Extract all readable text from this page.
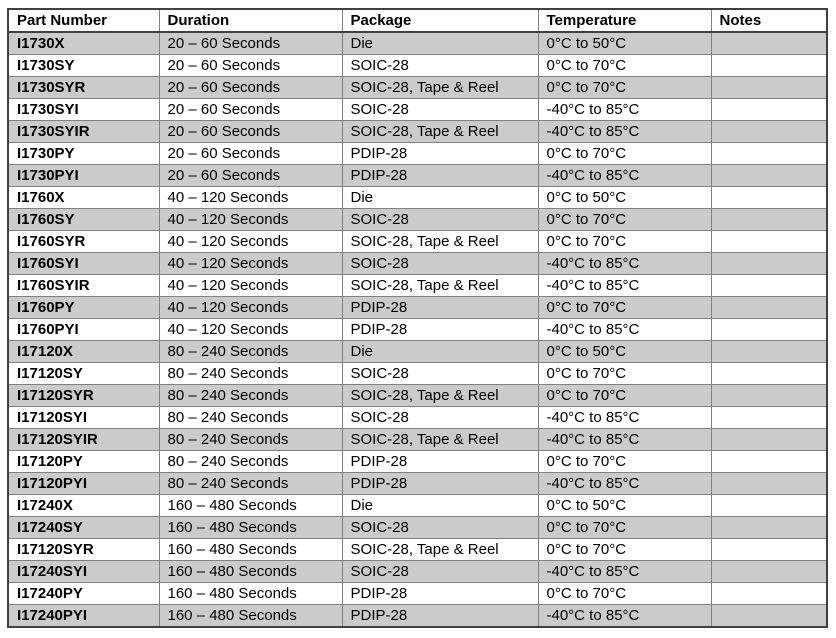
Part Number	Duration	Package	Temperature	Notes
I1730X	20 – 60 Seconds	Die	0°C to 50°C	
I1730SY	20 – 60 Seconds	SOIC-28	0°C to 70°C	
I1730SYR	20 – 60 Seconds	SOIC-28, Tape & Reel	0°C to 70°C	
I1730SYI	20 – 60 Seconds	SOIC-28	-40°C to 85°C	
I1730SYIR	20 – 60 Seconds	SOIC-28, Tape & Reel	-40°C to 85°C	
I1730PY	20 – 60 Seconds	PDIP-28	0°C to 70°C	
I1730PYI	20 – 60 Seconds	PDIP-28	-40°C to 85°C	
I1760X	40 – 120 Seconds	Die	0°C to 50°C	
I1760SY	40 – 120 Seconds	SOIC-28	0°C to 70°C	
I1760SYR	40 – 120 Seconds	SOIC-28, Tape & Reel	0°C to 70°C	
I1760SYI	40 – 120 Seconds	SOIC-28	-40°C to 85°C	
I1760SYIR	40 – 120 Seconds	SOIC-28, Tape & Reel	-40°C to 85°C	
I1760PY	40 – 120 Seconds	PDIP-28	0°C to 70°C	
I1760PYI	40 – 120 Seconds	PDIP-28	-40°C to 85°C	
I17120X	80 – 240 Seconds	Die	0°C to 50°C	
I17120SY	80 – 240 Seconds	SOIC-28	0°C to 70°C	
I17120SYR	80 – 240 Seconds	SOIC-28, Tape & Reel	0°C to 70°C	
I17120SYI	80 – 240 Seconds	SOIC-28	-40°C to 85°C	
I17120SYIR	80 – 240 Seconds	SOIC-28, Tape & Reel	-40°C to 85°C	
I17120PY	80 – 240 Seconds	PDIP-28	0°C to 70°C	
I17120PYI	80 – 240 Seconds	PDIP-28	-40°C to 85°C	
I17240X	160 – 480 Seconds	Die	0°C to 50°C	
I17240SY	160 – 480 Seconds	SOIC-28	0°C to 70°C	
I17120SYR	160 – 480 Seconds	SOIC-28, Tape & Reel	0°C to 70°C	
I17240SYI	160 – 480 Seconds	SOIC-28	-40°C to 85°C	
I17240PY	160 – 480 Seconds	PDIP-28	0°C to 70°C	
I17240PYI	160 – 480 Seconds	PDIP-28	-40°C to 85°C	
